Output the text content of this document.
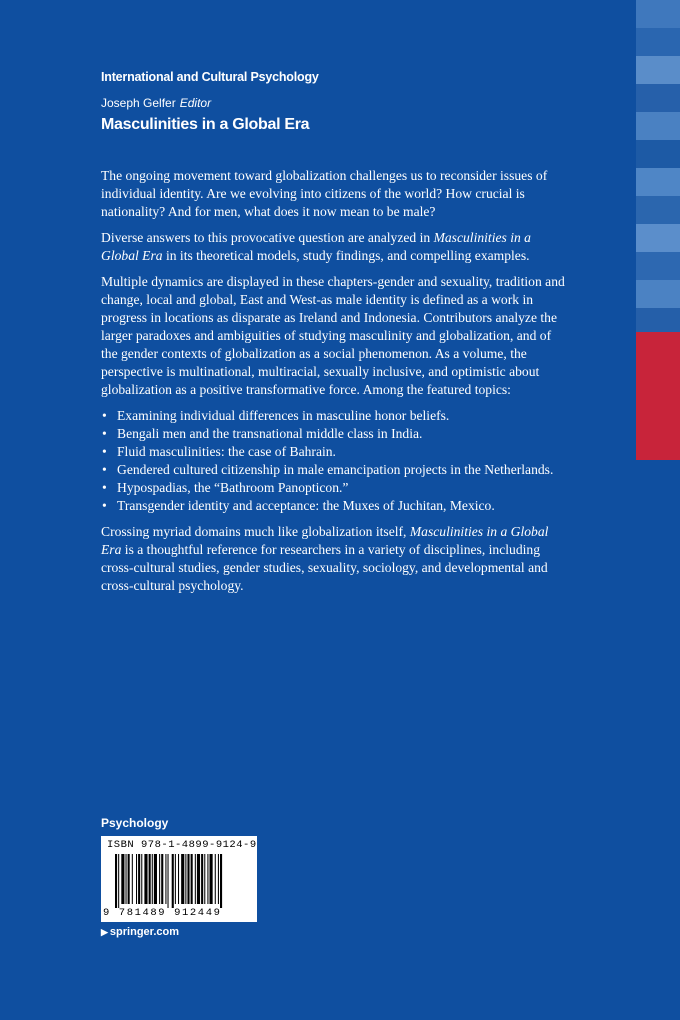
International and Cultural Psychology
Joseph Gelfer Editor
Masculinities in a Global Era

The ongoing movement toward globalization challenges us to reconsider issues of individual identity. Are we evolving into citizens of the world? How crucial is nationality? And for men, what does it now mean to be male?

Diverse answers to this provocative question are analyzed in Masculinities in a Global Era in its theoretical models, study findings, and compelling examples.

Multiple dynamics are displayed in these chapters-gender and sexuality, tradition and change, local and global, East and West-as male identity is defined as a work in progress in locations as disparate as Ireland and Indonesia. Contributors analyze the larger paradoxes and ambiguities of studying masculinity and globalization, and of the gender contexts of globalization as a social phenomenon. As a volume, the perspective is multinational, multiracial, sexually inclusive, and optimistic about globalization as a positive transformative force. Among the featured topics:

• Examining individual differences in masculine honor beliefs.
• Bengali men and the transnational middle class in India.
• Fluid masculinities: the case of Bahrain.
• Gendered cultured citizenship in male emancipation projects in the Netherlands.
• Hypospadias, the “Bathroom Panopticon.”
• Transgender identity and acceptance: the Muxes of Juchitan, Mexico.

Crossing myriad domains much like globalization itself, Masculinities in a Global Era is a thoughtful reference for researchers in a variety of disciplines, including cross-cultural studies, gender studies, sexuality, sociology, and developmental and cross-cultural psychology.

Psychology
ISBN 978-1-4899-9124-9
9 781489 912449
▶ springer.com
